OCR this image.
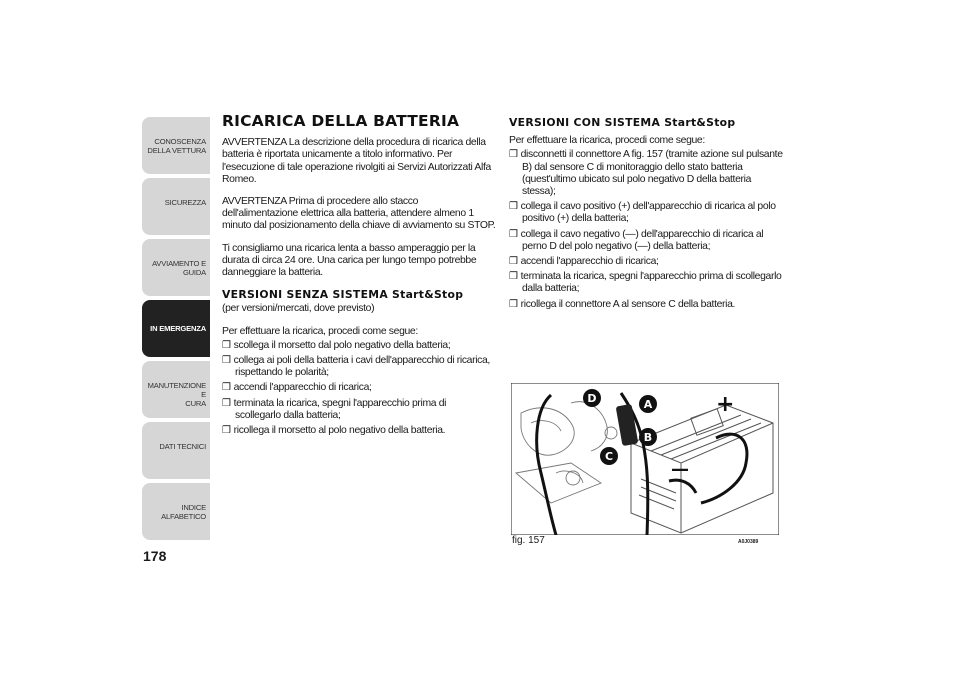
CONOSCENZA
DELLA VETTURA
SICUREZZA
AVVIAMENTO E
GUIDA
IN EMERGENZA
MANUTENZIONE E
CURA
DATI TECNICI
INDICE ALFABETICO
178
RICARICA DELLA BATTERIA

AVVERTENZA La descrizione della procedura di ricarica della batteria è riportata unicamente a titolo informativo. Per l'esecuzione di tale operazione rivolgiti ai Servizi Autorizzati Alfa Romeo.

AVVERTENZA Prima di procedere allo stacco dell'alimentazione elettrica alla batteria, attendere almeno 1 minuto dal posizionamento della chiave di avviamento su STOP.

Ti consigliamo una ricarica lenta a basso amperaggio per la durata di circa 24 ore. Una carica per lungo tempo potrebbe danneggiare la batteria.

VERSIONI SENZA SISTEMA Start&Stop

(per versioni/mercati, dove previsto)

Per effettuare la ricarica, procedi come segue:

❒ scollega il morsetto dal polo negativo della batteria;
❒ collega ai poli della batteria i cavi dell'apparecchio di ricarica, rispettando le polarità;
❒ accendi l'apparecchio di ricarica;
❒ terminata la ricarica, spegni l'apparecchio prima di scollegarlo dalla batteria;
❒ ricollega il morsetto al polo negativo della batteria.
VERSIONI CON SISTEMA Start&Stop

Per effettuare la ricarica, procedi come segue:

❒ disconnetti il connettore A fig. 157 (tramite azione sul pulsante B) dal sensore C di monitoraggio dello stato batteria (quest'ultimo ubicato sul polo negativo D della batteria stessa);
❒ collega il cavo positivo (+) dell'apparecchio di ricarica al polo positivo (+) della batteria;
❒ collega il cavo negativo (—) dell'apparecchio di ricarica al perno D del polo negativo (—) della batteria;
❒ accendi l'apparecchio di ricarica;
❒ terminata la ricarica, spegni l'apparecchio prima di scollegarlo dalla batteria;
❒ ricollega il connettore A al sensore C della batteria.
+
—
D	A
B
C
fig. 157	A0J0389
